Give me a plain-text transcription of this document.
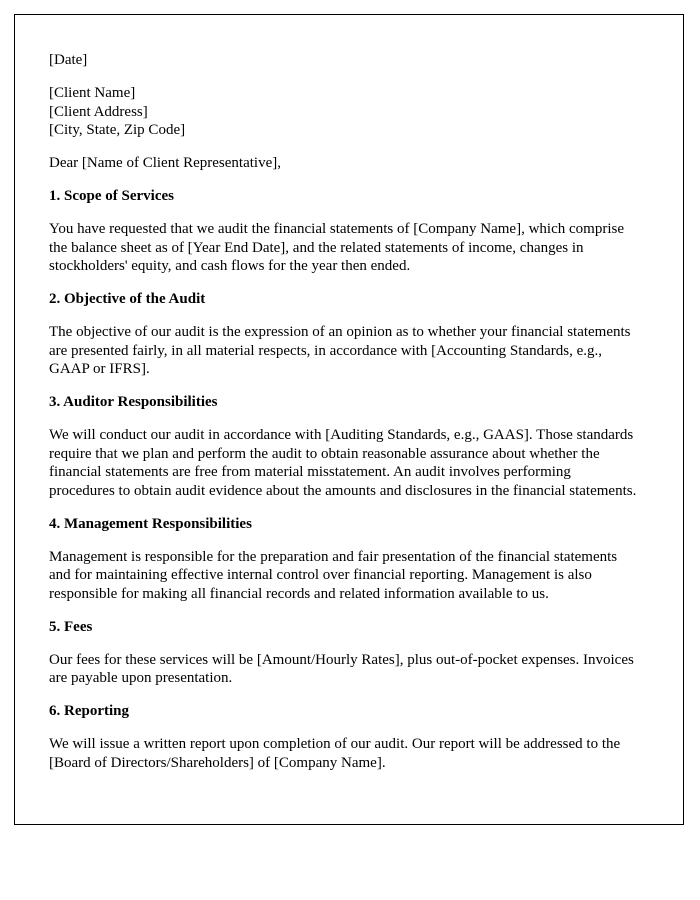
[Date]

[Client Name]

[Client Address]

[City, State, Zip Code]

Dear [Name of Client Representative],

1. Scope of Services

You have requested that we audit the financial statements of [Company Name], which comprise the balance sheet as of [Year End Date], and the related statements of income, changes in stockholders' equity, and cash flows for the year then ended.

2. Objective of the Audit

The objective of our audit is the expression of an opinion as to whether your financial statements are presented fairly, in all material respects, in accordance with [Accounting Standards, e.g., GAAP or IFRS].

3. Auditor Responsibilities

We will conduct our audit in accordance with [Auditing Standards, e.g., GAAS]. Those standards require that we plan and perform the audit to obtain reasonable assurance about whether the financial statements are free from material misstatement. An audit involves performing procedures to obtain audit evidence about the amounts and disclosures in the financial statements.

4. Management Responsibilities

Management is responsible for the preparation and fair presentation of the financial statements and for maintaining effective internal control over financial reporting. Management is also responsible for making all financial records and related information available to us.

5. Fees

Our fees for these services will be [Amount/Hourly Rates], plus out-of-pocket expenses. Invoices are payable upon presentation.

6. Reporting

We will issue a written report upon completion of our audit. Our report will be addressed to the [Board of Directors/Shareholders] of [Company Name].
